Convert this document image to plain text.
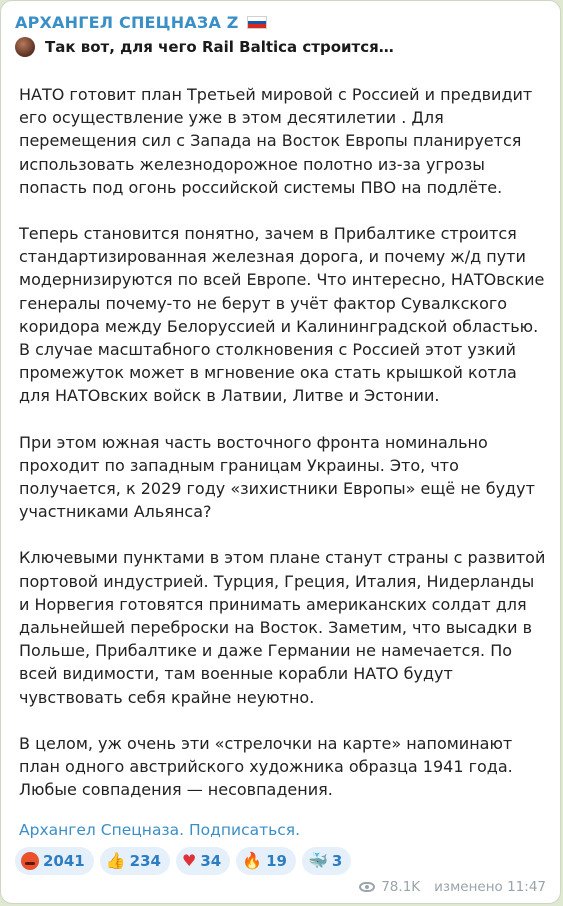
АРХАНГЕЛ СПЕЦНАЗА Z
Так вот, для чего Rail Baltica строится…

НАТО готовит план Третьей мировой с Россией и предвидит его осуществление уже в этом десятилетии . Для перемещения сил с Запада на Восток Европы планируется использовать железнодорожное полотно из-за угрозы попасть под огонь российской системы ПВО на подлёте.

Теперь становится понятно, зачем в Прибалтике строится стандартизированная железная дорога, и почему ж/д пути модернизируются по всей Европе. Что интересно, НАТОвские генералы почему-то не берут в учёт фактор Сувалкского коридора между Белоруссией и Калининградской областью. В случае масштабного столкновения с Россией этот узкий промежуток может в мгновение ока стать крышкой котла для НАТОвских войск в Латвии, Литве и Эстонии.

При этом южная часть восточного фронта номинально проходит по западным границам Украины. Это, что получается, к 2029 году «зихистники Европы» ещё не будут участниками Альянса?

Ключевыми пунктами в этом плане станут страны с развитой портовой индустрией. Турция, Греция, Италия, Нидерланды и Норвегия готовятся принимать американских солдат для дальнейшей переброски на Восток. Заметим, что высадки в Польше, Прибалтике и даже Германии не намечается. По всей видимости, там военные корабли НАТО будут чувствовать себя крайне неуютно.

В целом, уж очень эти «стрелочки на карте» напоминают план одного австрийского художника образца 1941 года. Любые совпадения — несовпадения.

Архангел Спецназа. Подписаться.
2041 👍 234 ♥ 34 🔥 19 🐳 3
78.1K изменено 11:47
